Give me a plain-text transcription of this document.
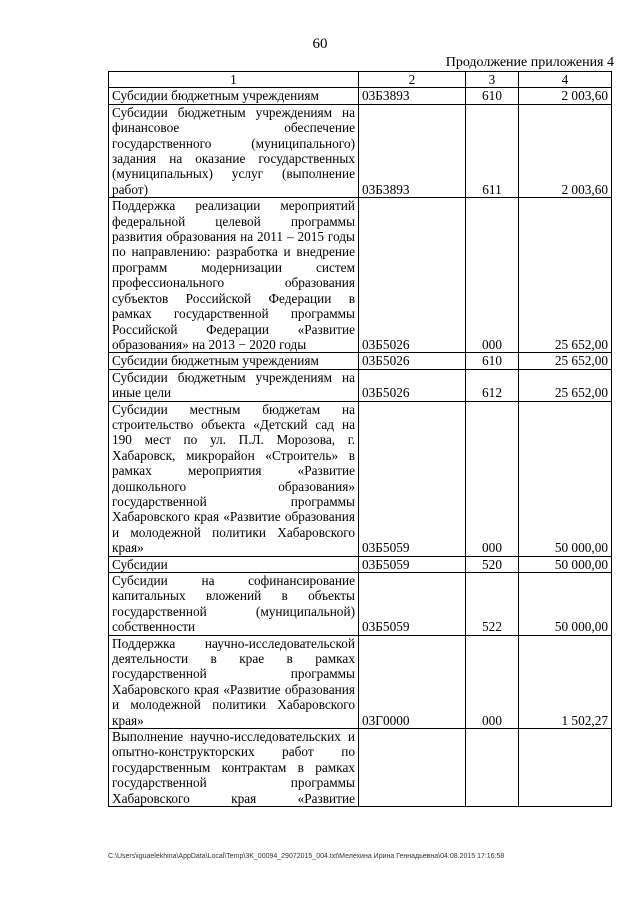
60
Продолжение приложения 4
1	2	3	4
Субсидии бюджетным учреждениям	03Б3893	610	2 003,60
Субсидии бюджетным учреждениям на финансовое обеспечение государственного (муниципального) задания на оказание государственных (муниципальных) услуг (выполнение работ)	03Б3893	611	2 003,60
Поддержка реализации мероприятий федеральной целевой программы развития образования на 2011 – 2015 годы по направлению: разработка и внедрение программ модернизации систем профессионального образования субъектов Российской Федерации в рамках государственной программы Российской Федерации «Развитие образования» на 2013 − 2020 годы	03Б5026	000	25 652,00
Субсидии бюджетным учреждениям	03Б5026	610	25 652,00
Субсидии бюджетным учреждениям на иные цели	03Б5026	612	25 652,00
Субсидии местным бюджетам на строительство объекта «Детский сад на 190 мест по ул. П.Л. Морозова, г. Хабаровск, микрорайон «Строитель» в рамках мероприятия «Развитие дошкольного образования» государственной программы Хабаровского края «Развитие образования и молодежной политики Хабаровского края»	03Б5059	000	50 000,00
Субсидии	03Б5059	520	50 000,00
Субсидии на софинансирование капитальных вложений в объекты государственной (муниципальной) собственности	03Б5059	522	50 000,00
Поддержка научно-исследовательской деятельности в крае в рамках государственной программы Хабаровского края «Развитие образования и молодежной политики Хабаровского края»	03Г0000	000	1 502,27
Выполнение научно-исследовательских и опытно-конструкторских работ по государственным контрактам в рамках государственной программы Хабаровского края «Развитие			
C:\Users\iguaelekhina\AppData\Local\Temp\3K_00094_29072015_004.txt\Мелехина Ирина Геннадьевна\04.08.2015 17:16:58
